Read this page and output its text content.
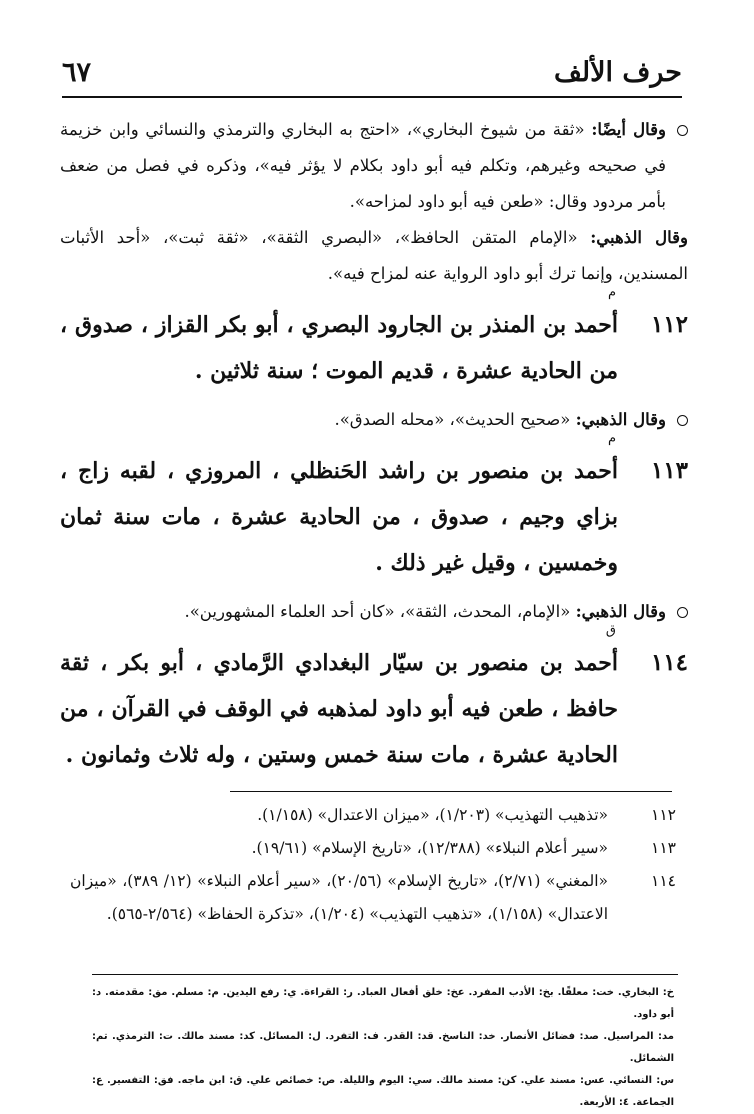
حرف الألف
٦٧
وقال أيضًا: «ثقة من شيوخ البخاري»، «احتج به البخاري والترمذي والنسائي وابن خزيمة في صحيحه وغيرهم، وتكلم فيه أبو داود بكلام لا يؤثر فيه»، وذكره في فصل من ضعف بأمر مردود وقال: «طعن فيه أبو داود لمزاحه».
وقال الذهبي: «الإمام المتقن الحافظ»، «البصري الثقة»، «ثقة ثبت»، «أحد الأثبات المسندين، وإنما ترك أبو داود الرواية عنه لمزاح فيه».
١١٢
م
أحمد بن المنذر بن الجارود البصري ، أبو بكر القزاز ، صدوق ، من الحادية عشرة ، قديم الموت ؛ سنة ثلاثين .
وقال الذهبي: «صحيح الحديث»، «محله الصدق».
١١٣
م
أحمد بن منصور بن راشد الحَنظلي ، المروزي ، لقبه زاج ، بزاي وجيم ، صدوق ، من الحادية عشرة ، مات سنة ثمان وخمسين ، وقيل غير ذلك .
وقال الذهبي: «الإمام، المحدث، الثقة»، «كان أحد العلماء المشهورين».
١١٤
ق
أحمد بن منصور بن سيّار البغدادي الرَّمادي ، أبو بكر ، ثقة حافظ ، طعن فيه أبو داود لمذهبه في الوقف في القرآن ، من الحادية عشرة ، مات سنة خمس وستين ، وله ثلاث وثمانون .
١١٢
«تذهيب التهذيب» (١/٢٠٣)، «ميزان الاعتدال» (١/١٥٨).
١١٣
«سير أعلام النبلاء» (١٢/٣٨٨)، «تاريخ الإسلام» (١٩/٦١).
١١٤
«المغني» (٢/٧١)، «تاريخ الإسلام» (٢٠/٥٦)، «سير أعلام النبلاء» (١٢/ ٣٨٩)، «ميزان الاعتدال» (١/١٥٨)، «تذهيب التهذيب» (١/٢٠٤)، «تذكرة الحفاظ» (٢/٥٦٤-٥٦٥).
خ: البخاري. خت: معلقًا. بخ: الأدب المفرد. عخ: خلق أفعال العباد. ر: القراءة. ي: رفع اليدين. م: مسلم. مق: مقدمته. د: أبو داود.
مد: المراسيل. صد: فضائل الأنصار. خد: الناسخ. قد: القدر. ف: التفرد. ل: المسائل. كد: مسند مالك. ت: الترمذي. تم: الشمائل.
س: النسائي. عس: مسند علي. كن: مسند مالك. سي: اليوم والليلة. ص: خصائص علي. ق: ابن ماجه. فق: التفسير. ع: الجماعة. ٤: الأربعة.
